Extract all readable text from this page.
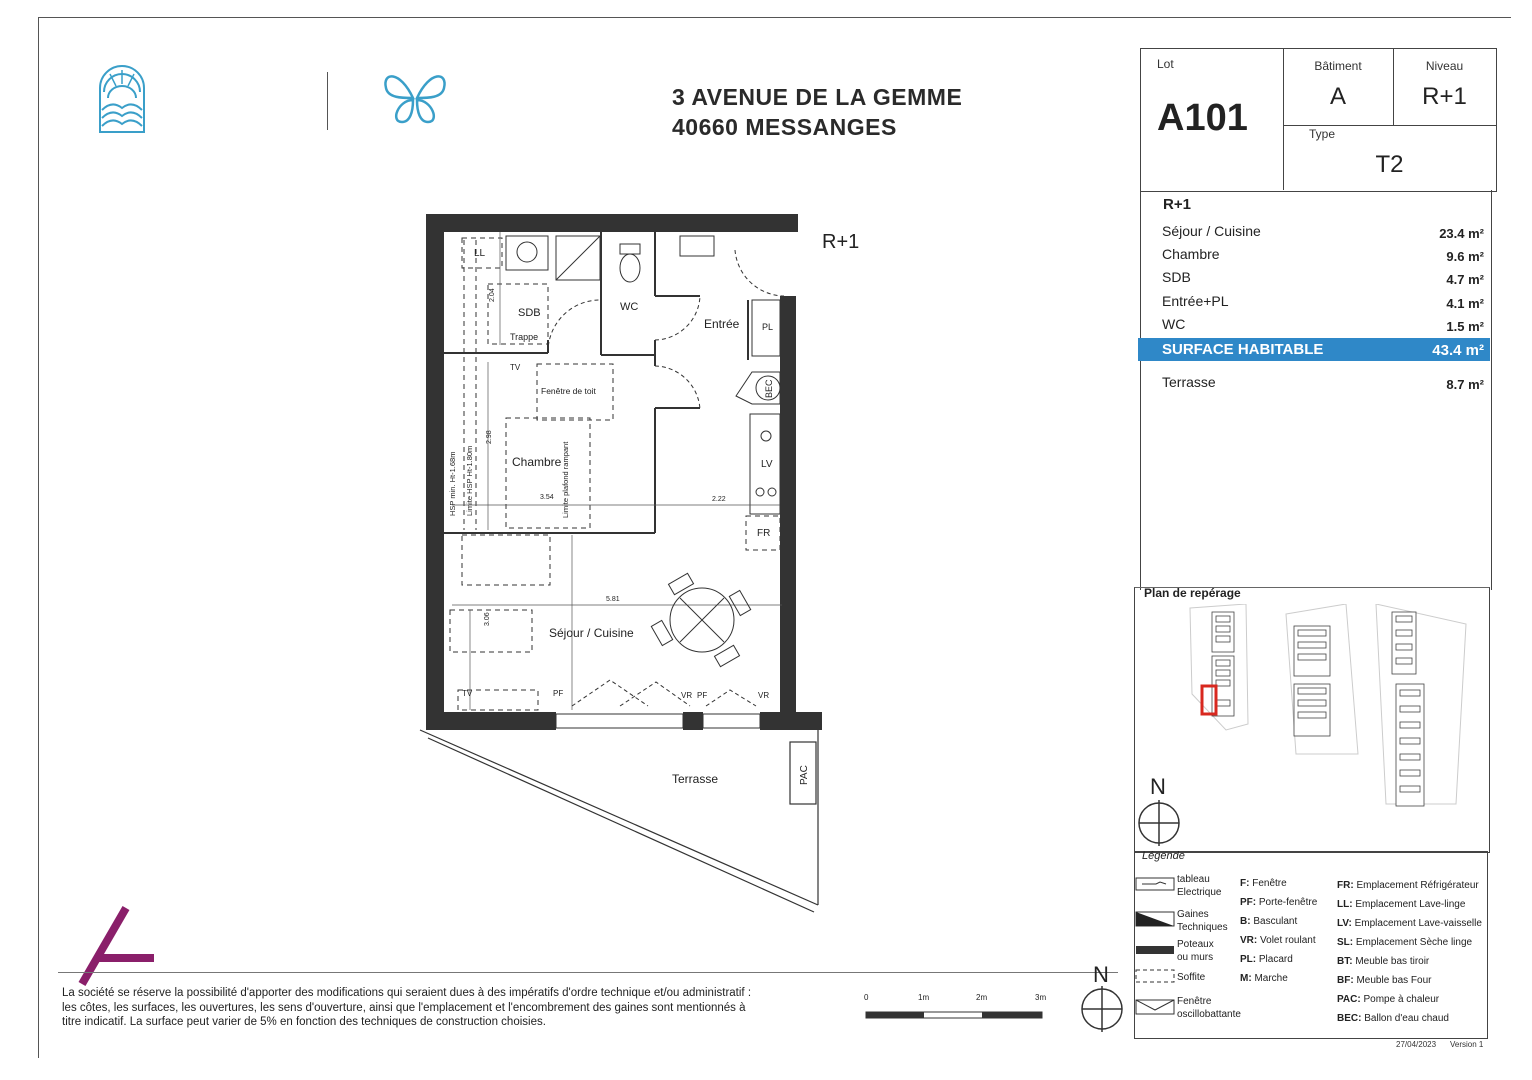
3 AVENUE DE LA GEMME
40660 MESSANGES
Lot
A101
Bâtiment
A
Niveau
R+1
Type
T2
R+1
Séjour / Cuisine	23.4 m²
Chambre	9.6 m²
SDB	4.7 m²
Entrée+PL	4.1 m²
WC	1.5 m²
SURFACE HABITABLE	43.4 m²
Terrasse	8.7 m²
Plan de repérage
N
Légende
tableau
Electrique
Gaines
Techniques
Poteaux
ou murs
Soffite
Fenêtre
oscillobattante
F: Fenêtre
PF: Porte-fenêtre
B: Basculant
VR: Volet roulant
PL: Placard
M: Marche
FR: Emplacement Réfrigérateur
LL: Emplacement Lave-linge
LV: Emplacement Lave-vaisselle
SL: Emplacement Sèche linge
BT: Meuble bas tiroir
BF: Meuble bas Four
PAC: Pompe à chaleur
BEC: Ballon d'eau chaud
R+1
LL
SDB
Trappe
WC
Entrée	PL
BEC
Fenêtre de toit
Chambre	LV
FR
Séjour / Cuisine
Terrasse	PAC
TV
TV	PF	PF
VR	VR
2.04
2.98
3.54	2.22
5.81
3.06
HSP min. Ht-1.68m Limite HSP Ht-1.80m	Limite plafond rampant
La société se réserve la possibilité d'apporter des modifications qui seraient dues à des impératifs d'ordre technique et/ou administratif :
les côtes, les surfaces, les ouvertures, les sens d'ouverture, ainsi que l'emplacement et l'encombrement des gaines sont mentionnés à
titre indicatif. La surface peut varier de 5% en fonction des techniques de construction choisies.
0	1m	2m	3m
N
27/04/2023 Version 1
